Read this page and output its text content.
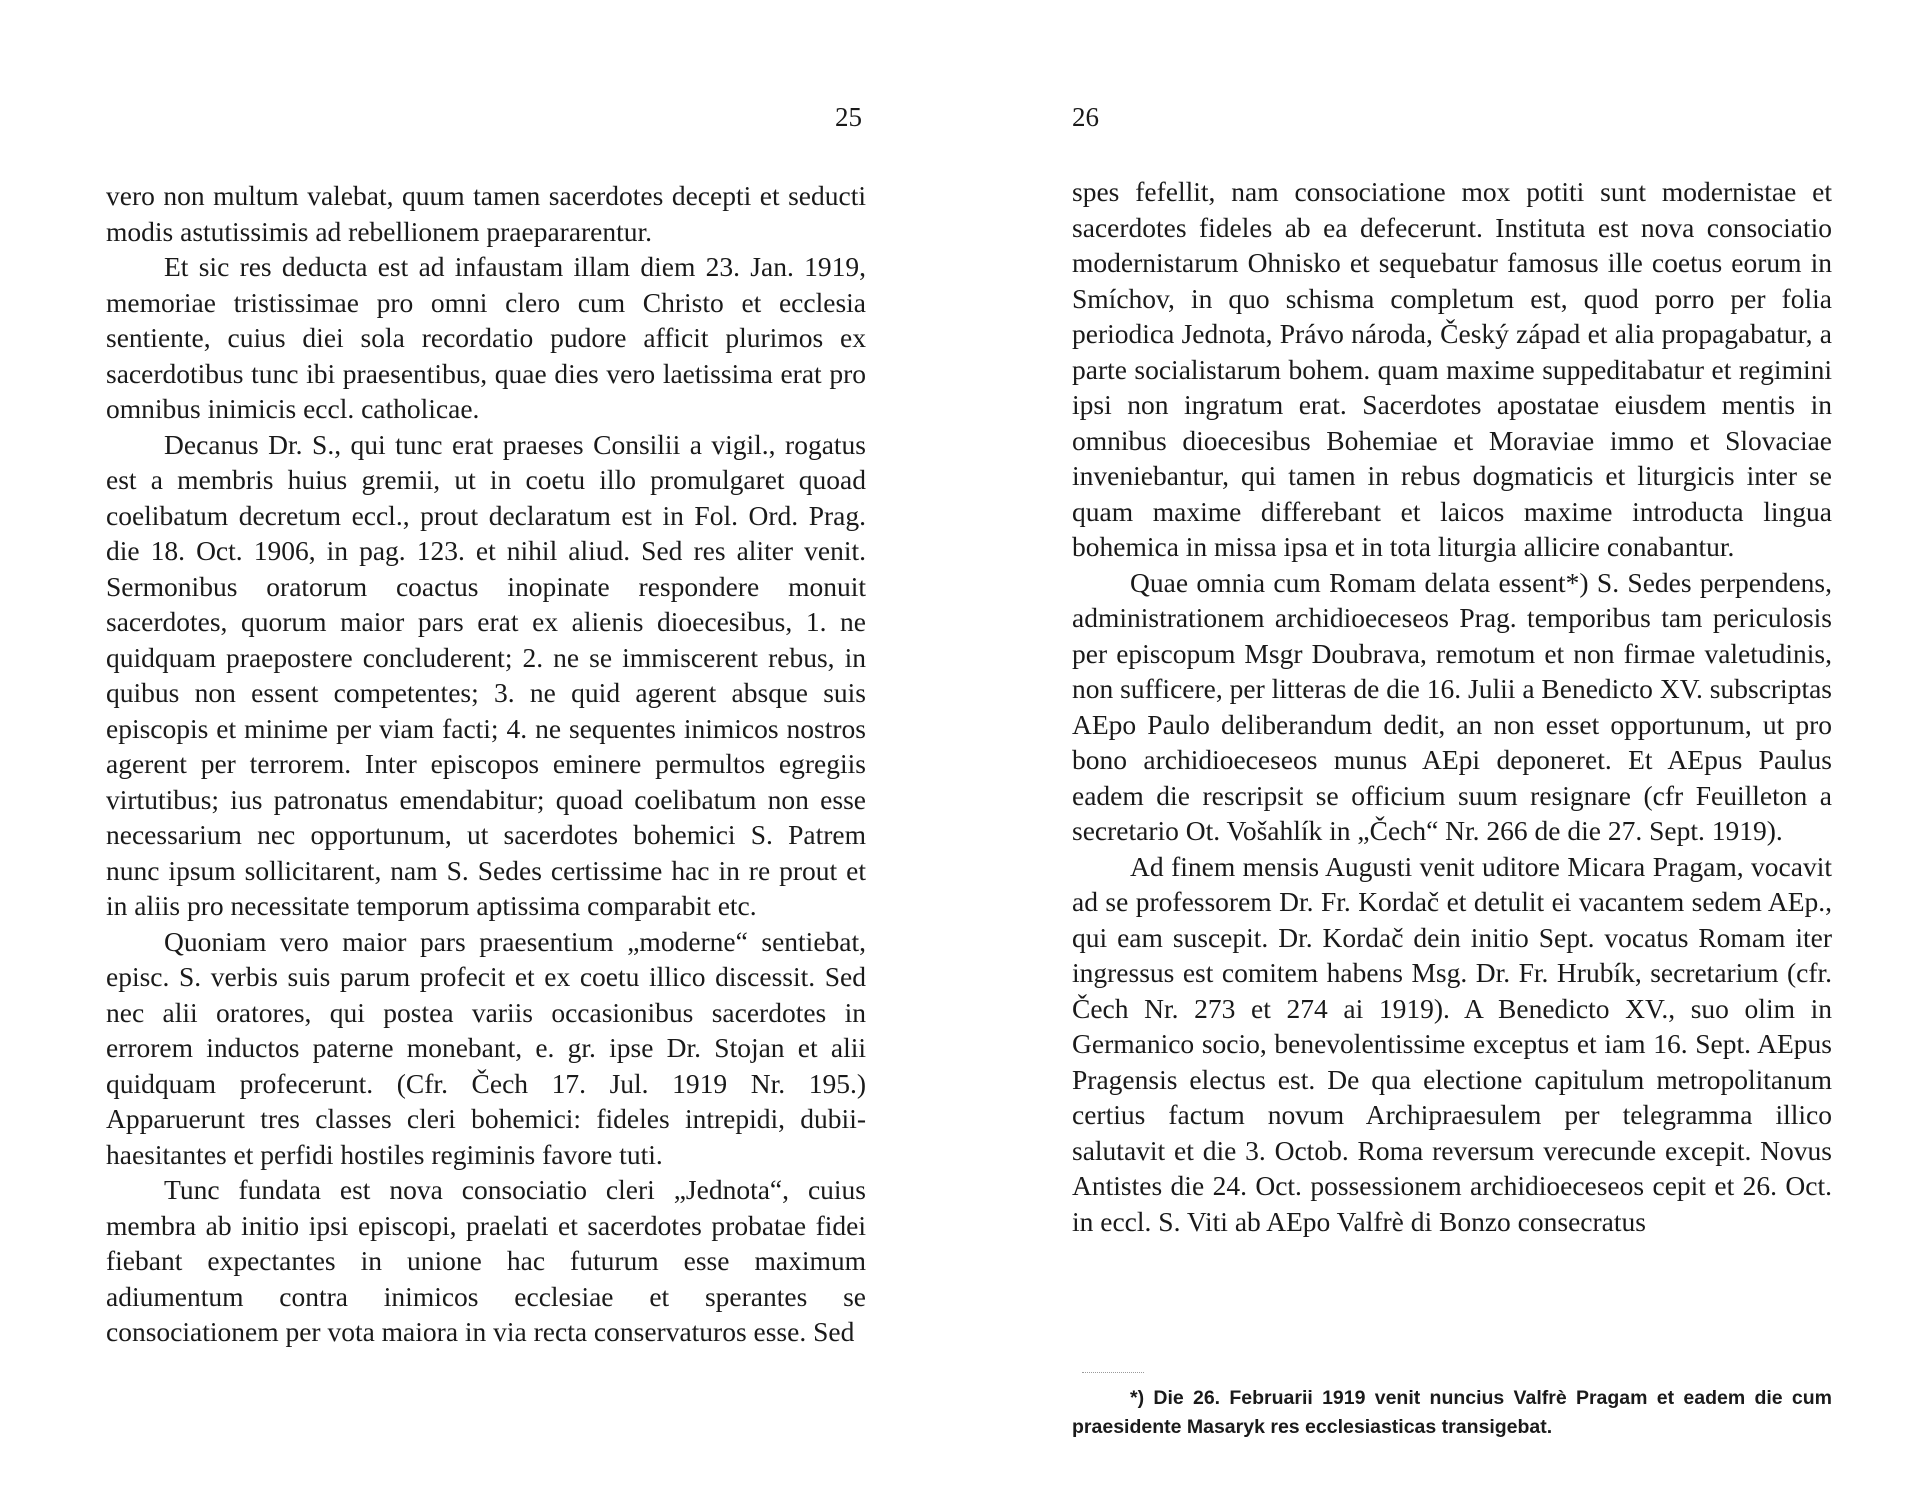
25

vero non multum valebat, quum tamen sacerdotes decepti et seducti modis astutissimis ad rebellionem praepararentur.

Et sic res deducta est ad infaustam illam diem 23. Jan. 1919, memoriae tristissimae pro omni clero cum Christo et ecclesia sentiente, cuius diei sola recordatio pudore afficit plurimos ex sacerdotibus tunc ibi praesentibus, quae dies vero laetissima erat pro omnibus inimicis eccl. catholicae.

Decanus Dr. S., qui tunc erat praeses Consilii a vigil., rogatus est a membris huius gremii, ut in coetu illo promulgaret quoad coelibatum decretum eccl., prout declaratum est in Fol. Ord. Prag. die 18. Oct. 1906, in pag. 123. et nihil aliud. Sed res aliter venit. Sermonibus oratorum coactus inopinate respondere monuit sacerdotes, quorum maior pars erat ex alienis dioecesibus, 1. ne quidquam praepostere concluderent; 2. ne se immiscerent rebus, in quibus non essent competentes; 3. ne quid agerent absque suis episcopis et minime per viam facti; 4. ne sequentes inimicos nostros agerent per terrorem. Inter episcopos eminere permultos egregiis virtutibus; ius patronatus emendabitur; quoad coelibatum non esse necessarium nec opportunum, ut sacerdotes bohemici S. Patrem nunc ipsum sollicitarent, nam S. Sedes certissime hac in re prout et in aliis pro necessitate temporum aptissima comparabit etc.

Quoniam vero maior pars praesentium „moderne“ sentiebat, episc. S. verbis suis parum profecit et ex coetu illico discessit. Sed nec alii oratores, qui postea variis occasionibus sacerdotes in errorem inductos paterne monebant, e. gr. ipse Dr. Stojan et alii quidquam profecerunt. (Cfr. Čech 17. Jul. 1919 Nr. 195.) Apparuerunt tres classes cleri bohemici: fideles intrepidi, dubii-haesitantes et perfidi hostiles regiminis favore tuti.

Tunc fundata est nova consociatio cleri „Jednota“, cuius membra ab initio ipsi episcopi, praelati et sacerdotes probatae fidei fiebant expectantes in unione hac futurum esse maximum adiumentum contra inimicos ecclesiae et sperantes se consociationem per vota maiora in via recta conservaturos esse. Sed

26

spes fefellit, nam consociatione mox potiti sunt modernistae et sacerdotes fideles ab ea defecerunt. Instituta est nova consociatio modernistarum Ohnisko et sequebatur famosus ille coetus eorum in Smíchov, in quo schisma completum est, quod porro per folia periodica Jednota, Právo národa, Český západ et alia propagabatur, a parte socialistarum bohem. quam maxime suppeditabatur et regimini ipsi non ingratum erat. Sacerdotes apostatae eiusdem mentis in omnibus dioecesibus Bohemiae et Moraviae immo et Slovaciae inveniebantur, qui tamen in rebus dogmaticis et liturgicis inter se quam maxime differebant et laicos maxime introducta lingua bohemica in missa ipsa et in tota liturgia allicire conabantur.

Quae omnia cum Romam delata essent*) S. Sedes perpendens, administrationem archidioeceseos Prag. temporibus tam periculosis per episcopum Msgr Doubrava, remotum et non firmae valetudinis, non sufficere, per litteras de die 16. Julii a Benedicto XV. subscriptas AEpo Paulo deliberandum dedit, an non esset opportunum, ut pro bono archidioeceseos munus AEpi deponeret. Et AEpus Paulus eadem die rescripsit se officium suum resignare (cfr Feuilleton a secretario Ot. Vošahlík in „Čech“ Nr. 266 de die 27. Sept. 1919).

Ad finem mensis Augusti venit uditore Micara Pragam, vocavit ad se professorem Dr. Fr. Kordač et detulit ei vacantem sedem AEp., qui eam suscepit. Dr. Kordač dein initio Sept. vocatus Romam iter ingressus est comitem habens Msg. Dr. Fr. Hrubík, secretarium (cfr. Čech Nr. 273 et 274 ai 1919). A Benedicto XV., suo olim in Germanico socio, benevolentissime exceptus et iam 16. Sept. AEpus Pragensis electus est. De qua electione capitulum metropolitanum certius factum novum Archipraesulem per telegramma illico salutavit et die 3. Octob. Roma reversum verecunde excepit. Novus Antistes die 24. Oct. possessionem archidioeceseos cepit et 26. Oct. in eccl. S. Viti ab AEpo Valfrè di Bonzo consecratus

*) Die 26. Februarii 1919 venit nuncius Valfrè Pragam et eadem die cum praesidente Masaryk res ecclesiasticas transigebat.
